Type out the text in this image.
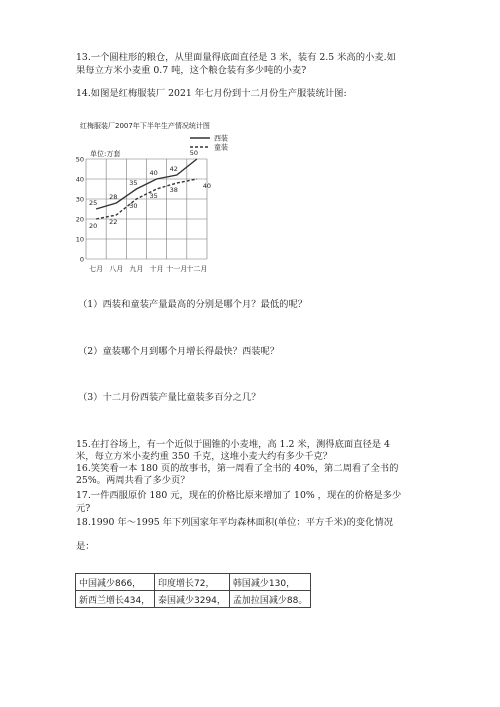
13.一个圆柱形的粮仓，从里面量得底面直径是 3 米，装有 2.5 米高的小麦.如
果每立方米小麦重 0.7 吨，这个粮仓装有多少吨的小麦?
14.如图是红梅服装厂 2021 年七月份到十二月份生产服装统计图:
红梅服装厂2007年下半年生产情况统计图
单位:万套
0
10
20
30
40
50
七月 八月 九月 十月 十一月 十二月
25
28
35
40 42
50
20 22
30
35
38	40
西装
童装
（1）西装和童装产量最高的分别是哪个月？最低的呢？
（2）童装哪个月到哪个月增长得最快？西装呢？
（3）十二月份西装产量比童装多百分之几？
15.在打谷场上，有一个近似于圆锥的小麦堆，高 1.2 米，测得底面直径是 4
米，每立方米小麦约重 350 千克，这堆小麦大约有多少千克？
16.笑笑看一本 180 页的故事书，第一周看了全书的 40%，第二周看了全书的
25%。两周共看了多少页？
17.一件西服原价 180 元，现在的价格比原来增加了 10% ，现在的价格是多少
元?
18.1990 年～1995 年下列国家年平均森林面积(单位：平方千米)的变化情况
是：
中国减少866，	印度增长72，	韩国减少130，
新西兰增长434，	泰国减少3294，	孟加拉国减少88。
